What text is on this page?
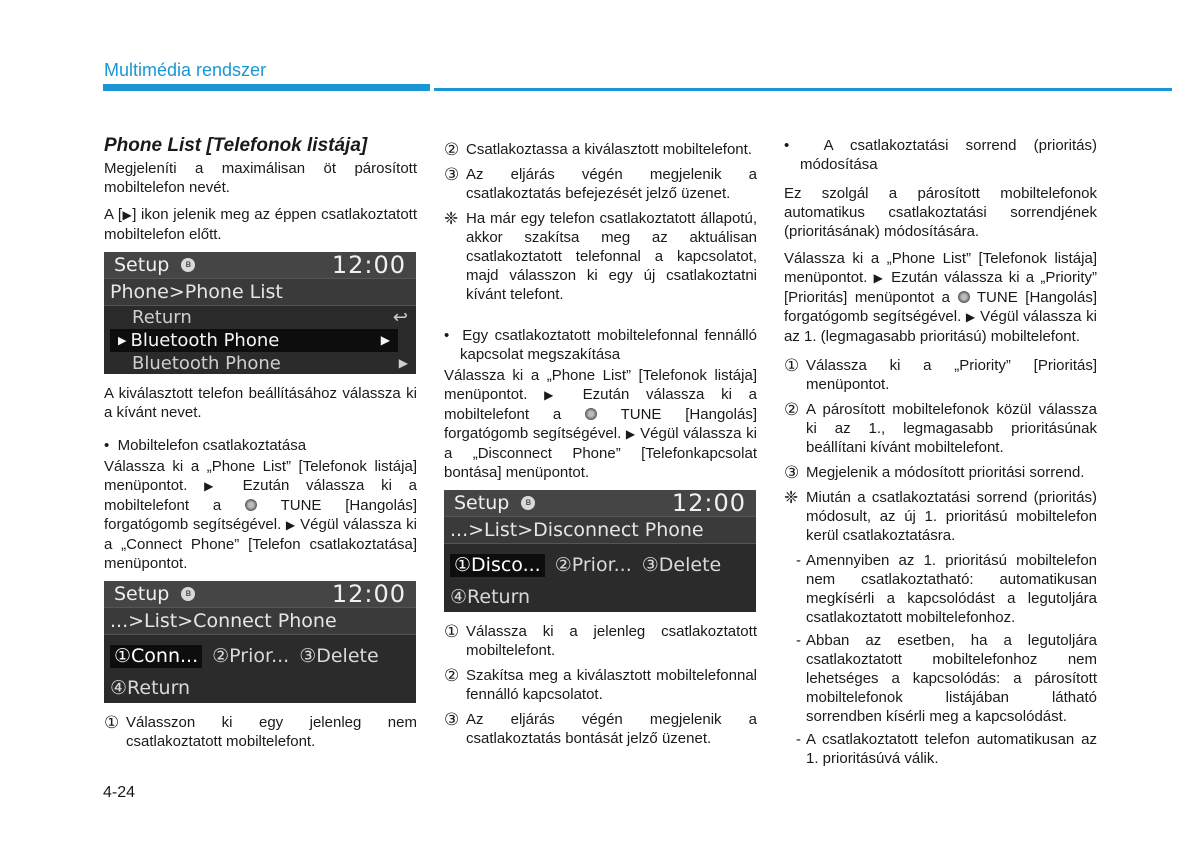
Multimédia rendszer
Phone List [Telefonok listája]

Megjeleníti a maximálisan öt párosított mobiltelefon nevét.

A [▶] ikon jelenik meg az éppen csatlakoztatott mobiltelefon előtt.

Setup	ʙ	12:00
Phone>Phone List
Return	↩
▶ Bluetooth Phone	▶
Bluetooth Phone	▶

A kiválasztott telefon beállításához válassza ki a kívánt nevet.

•  Mobiltelefon csatlakoztatása

Válassza ki a „Phone List” [Telefonok listája] menüpontot. ▶ Ezután válassza ki a mobiltelefont a	TUNE [Hangolás] forgatógomb segítségével. ▶ Végül válassza ki a „Connect Phone” [Telefon csatlakoztatása] menüpontot.

Setup	ʙ	12:00
...>List>Connect Phone
①Conn... ②Prior... ③Delete
④Return
① Válasszon ki egy jelenleg nem csatlakoztatott mobiltelefont.
② Csatlakoztassa a kiválasztott mobiltelefont.
③ Az eljárás végén megjelenik a csatlakoztatás befejezését jelző üzenet.
❈ Ha már egy telefon csatlakoztatott állapotú, akkor szakítsa meg az aktuálisan csatlakoztatott telefonnal a kapcsolatot, majd válasszon ki egy új csatlakoztatni kívánt telefont.

•  Egy csatlakoztatott mobiltelefonnal fennálló kapcsolat megszakítása

Válassza ki a „Phone List” [Telefonok listája] menüpontot. ▶ Ezután válassza ki a mobiltelefont a	TUNE [Hangolás] forgatógomb segítségével. ▶ Végül válassza ki a „Disconnect Phone” [Telefonkapcsolat bontása] menüpontot.

Setup	ʙ	12:00
...>List>Disconnect Phone
①Disco... ②Prior... ③Delete
④Return
① Válassza ki a jelenleg csatlakoztatott mobiltelefont.
② Szakítsa meg a kiválasztott mobiltelefonnal fennálló kapcsolatot.
③ Az eljárás végén megjelenik a csatlakoztatás bontását jelző üzenet.

•  A csatlakoztatási sorrend (prioritás) módosítása

Ez szolgál a párosított mobiltelefonok automatikus csatlakoztatási sorrendjének (prioritásának) módosítására.

Válassza ki a „Phone List” [Telefonok listája] menüpontot. ▶ Ezután válassza ki a „Priority” [Prioritás] menüpontot a TUNE [Hangolás] forgatógomb segítségével. ▶ Végül válassza ki az 1. (legmagasabb prioritású) mobiltelefont.

① Válassza ki a „Priority” [Prioritás] menüpontot.
② A párosított mobiltelefonok közül válassza ki az 1., legmagasabb prioritásúnak beállítani kívánt mobiltelefont.
③ Megjelenik a módosított prioritási sorrend.
❈ Miután a csatlakoztatási sorrend (prioritás) módosult, az új 1. prioritású mobiltelefon kerül csatlakoztatásra.
- Amennyiben az 1. prioritású mobiltelefon nem csatlakoztatható: automatikusan megkísérli a kapcsolódást a legutoljára csatlakoztatott mobiltelefonhoz.
- Abban az esetben, ha a legutoljára csatlakoztatott mobiltelefonhoz nem lehetséges a kapcsolódás: a párosított mobiltelefonok listájában látható sorrendben kísérli meg a kapcsolódást.
- A csatlakoztatott telefon automatikusan az 1. prioritásúvá válik.
4-24
